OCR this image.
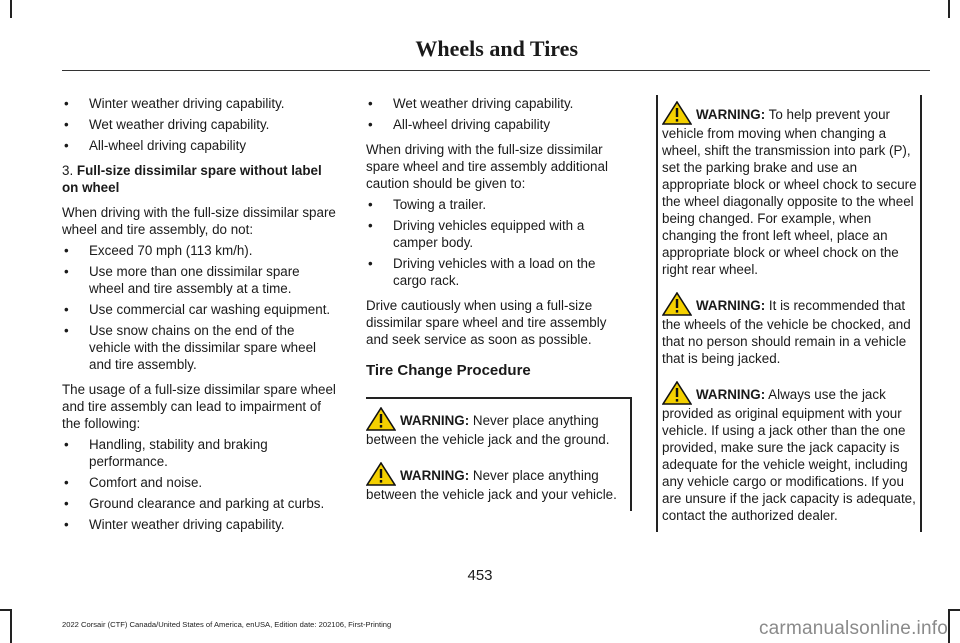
Wheels and Tires
• Winter weather driving capability.
• Wet weather driving capability.
• All-wheel driving capability
3. Full-size dissimilar spare without label on wheel
When driving with the full-size dissimilar spare wheel and tire assembly, do not:
• Exceed 70 mph (113 km/h).
• Use more than one dissimilar spare wheel and tire assembly at a time.
• Use commercial car washing equipment.
• Use snow chains on the end of the vehicle with the dissimilar spare wheel and tire assembly.
The usage of a full-size dissimilar spare wheel and tire assembly can lead to impairment of the following:
• Handling, stability and braking performance.
• Comfort and noise.
• Ground clearance and parking at curbs.
• Winter weather driving capability.
• Wet weather driving capability.
• All-wheel driving capability
When driving with the full-size dissimilar spare wheel and tire assembly additional caution should be given to:
• Towing a trailer.
• Driving vehicles equipped with a camper body.
• Driving vehicles with a load on the cargo rack.
Drive cautiously when using a full-size dissimilar spare wheel and tire assembly and seek service as soon as possible.
Tire Change Procedure
WARNING: Never place anything between the vehicle jack and the ground.
WARNING: Never place anything between the vehicle jack and your vehicle.
WARNING: To help prevent your vehicle from moving when changing a wheel, shift the transmission into park (P), set the parking brake and use an appropriate block or wheel chock to secure the wheel diagonally opposite to the wheel being changed. For example, when changing the front left wheel, place an appropriate block or wheel chock on the right rear wheel.
WARNING: It is recommended that the wheels of the vehicle be chocked, and that no person should remain in a vehicle that is being jacked.
WARNING: Always use the jack provided as original equipment with your vehicle. If using a jack other than the one provided, make sure the jack capacity is adequate for the vehicle weight, including any vehicle cargo or modifications. If you are unsure if the jack capacity is adequate, contact the authorized dealer.
453
2022 Corsair (CTF) Canada/United States of America, enUSA, Edition date: 202106, First-Printing	carmanualsonline.info
